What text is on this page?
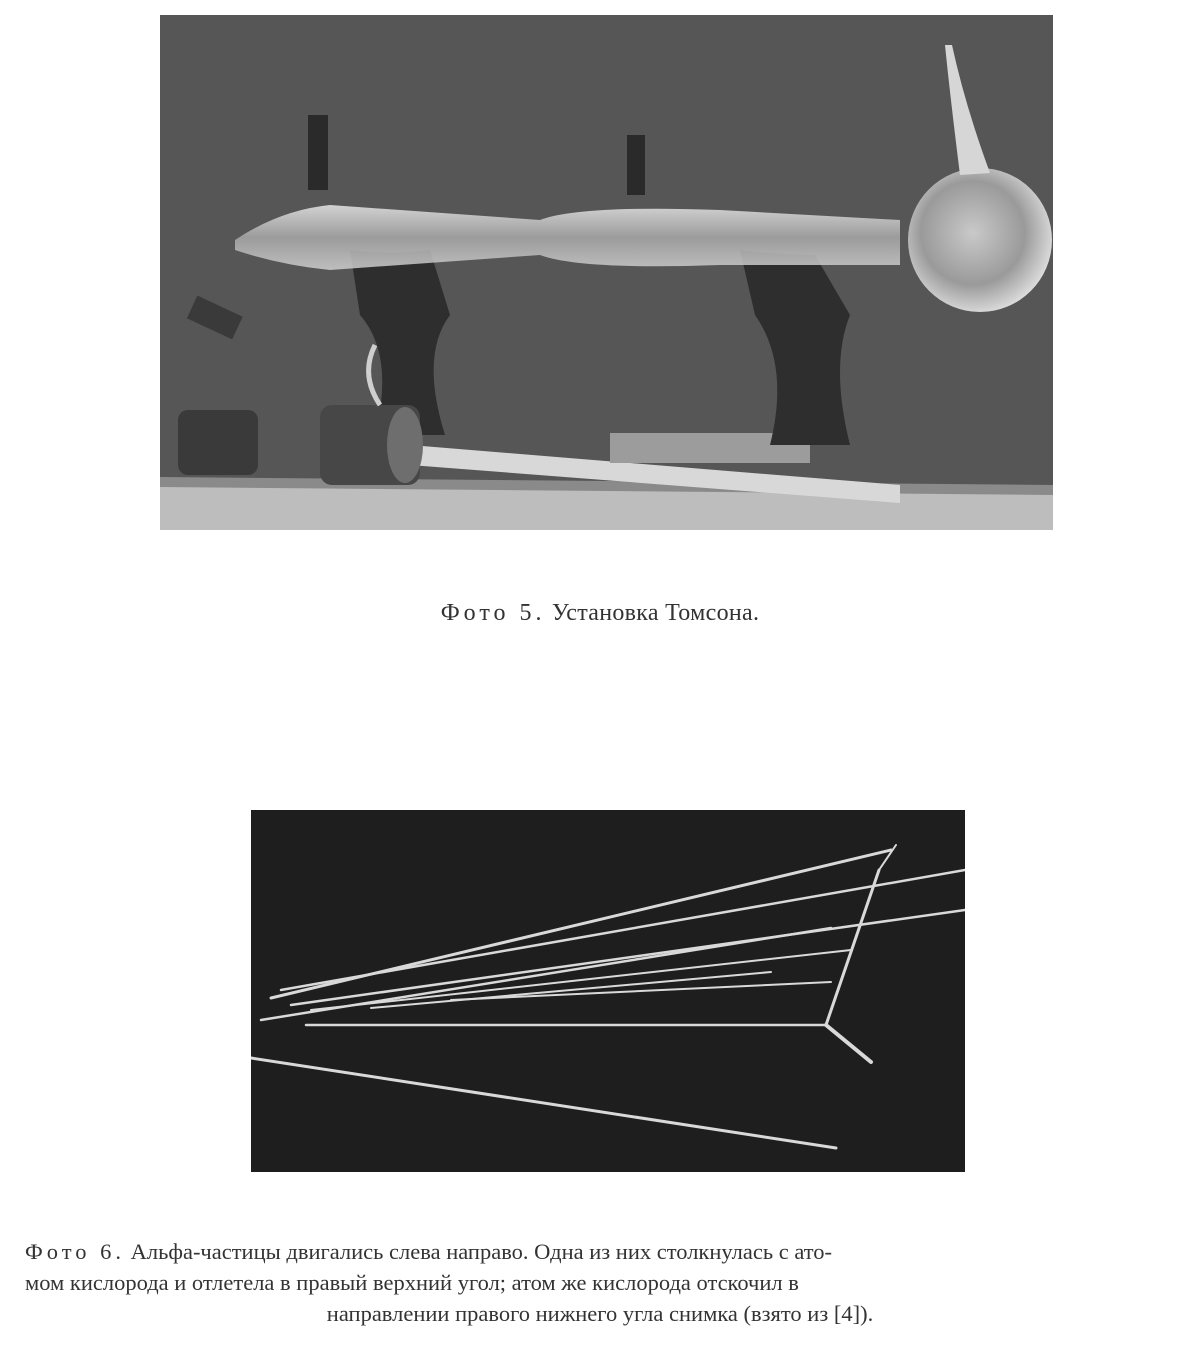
Фото 5. Установка Томсона.
Фото 6. Альфа-частицы двигались слева направо. Одна из них столкнулась с ато-
мом кислорода и отлетела в правый верхний угол; атом же кислорода отскочил в
направлении правого нижнего угла снимка (взято из [4]).
